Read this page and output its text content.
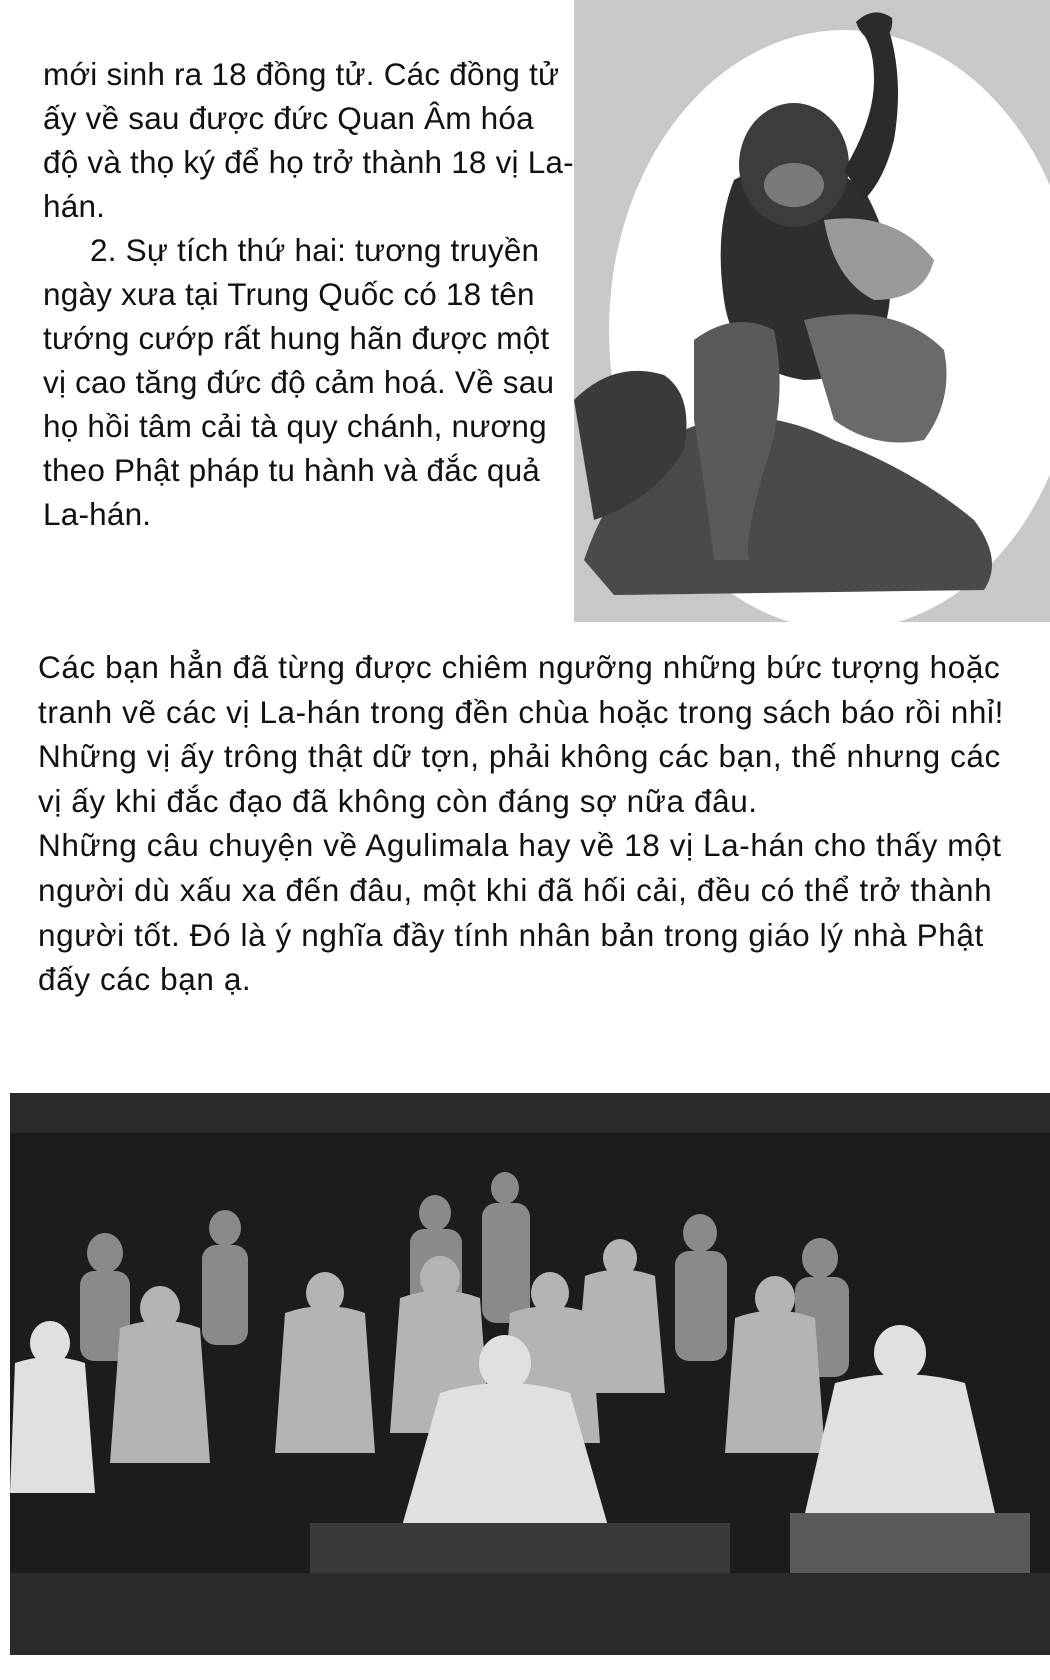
mới sinh ra 18 đồng tử. Các đồng tử ấy về sau được đức Quan Âm hóa độ và thọ ký để họ trở thành 18 vị La-hán.

2. Sự tích thứ hai: tương truyền ngày xưa tại Trung Quốc có 18 tên tướng cướp rất hung hãn được một vị cao tăng đức độ cảm hoá. Về sau họ hồi tâm cải tà quy chánh, nương theo Phật pháp tu hành và đắc quả La-hán.

Các bạn hẳn đã từng được chiêm ngưỡng những bức tượng hoặc tranh vẽ các vị La-hán trong đền chùa hoặc trong sách báo rồi nhỉ! Những vị ấy trông thật dữ tợn, phải không các bạn, thế nhưng các vị ấy khi đắc đạo đã không còn đáng sợ nữa đâu.

Những câu chuyện về Agulimala hay về 18 vị La-hán cho thấy một người dù xấu xa đến đâu, một khi đã hối cải, đều có thể trở thành người tốt. Đó là ý nghĩa đầy tính nhân bản trong giáo lý nhà Phật đấy các bạn ạ.
